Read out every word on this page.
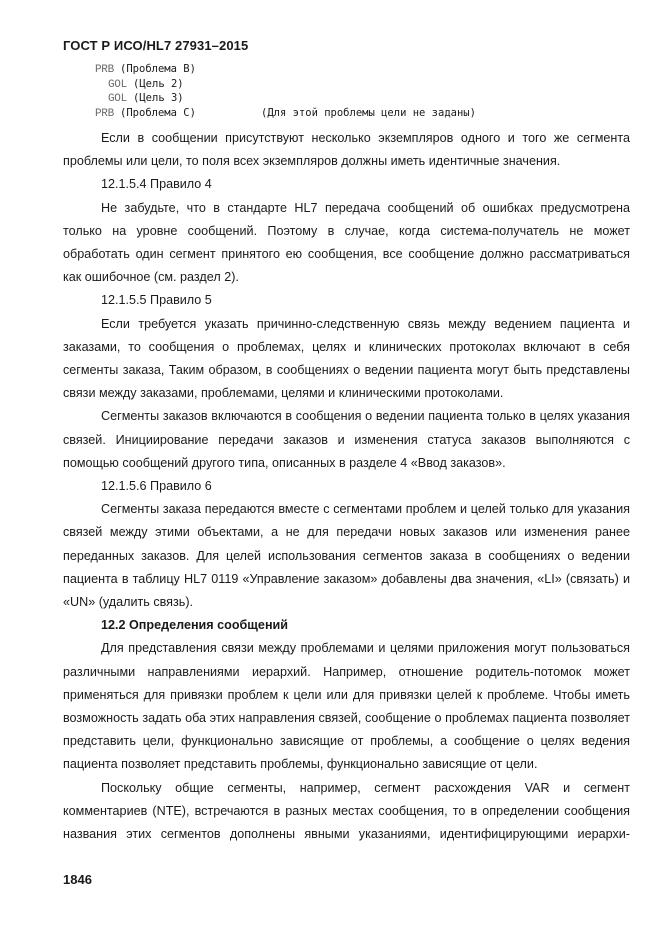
ГОСТ Р ИСО/HL7 27931–2015
PRB (Проблема B)
GOL (Цель 2)
GOL (Цель 3)
PRB (Проблема C)	(Для этой проблемы цели не заданы)

Если в сообщении присутствуют несколько экземпляров одного и того же сегмента проблемы или цели, то поля всех экземпляров должны иметь идентичные значения.

12.1.5.4 Правило 4

Не забудьте, что в стандарте HL7 передача сообщений об ошибках предусмотрена только на уровне сообщений. Поэтому в случае, когда система-получатель не может обработать один сегмент принятого ею сообщения, все сообщение должно рассматриваться как ошибочное (см. раздел 2).

12.1.5.5 Правило 5

Если требуется указать причинно-следственную связь между ведением пациента и заказами, то сообщения о проблемах, целях и клинических протоколах включают в себя сегменты заказа, Таким образом, в сообщениях о ведении пациента могут быть представлены связи между заказами, проблемами, целями и клиническими протоколами.

Сегменты заказов включаются в сообщения о ведении пациента только в целях указания связей. Инициирование передачи заказов и изменения статуса заказов выполняются с помощью сообщений другого типа, описанных в разделе 4 «Ввод заказов».

12.1.5.6 Правило 6

Сегменты заказа передаются вместе с сегментами проблем и целей только для указания связей между этими объектами, а не для передачи новых заказов или изменения ранее переданных заказов. Для целей использования сегментов заказа в сообщениях о ведении пациента в таблицу HL7 0119 «Управление заказом» добавлены два значения, «LI» (связать) и «UN» (удалить связь).

12.2 Определения сообщений

Для представления связи между проблемами и целями приложения могут пользоваться различными направлениями иерархий. Например, отношение родитель-потомок может применяться для привязки проблем к цели или для привязки целей к проблеме. Чтобы иметь возможность задать оба этих направления связей, сообщение о проблемах пациента позволяет представить цели, функционально зависящие от проблемы, а сообщение о целях ведения пациента позволяет представить проблемы, функционально зависящие от цели.

Поскольку общие сегменты, например, сегмент расхождения VAR и сегмент комментариев (NTE), встречаются в разных местах сообщения, то в определении сообщения названия этих сегментов дополнены явными указаниями, идентифицирующими иерархи-

1846
